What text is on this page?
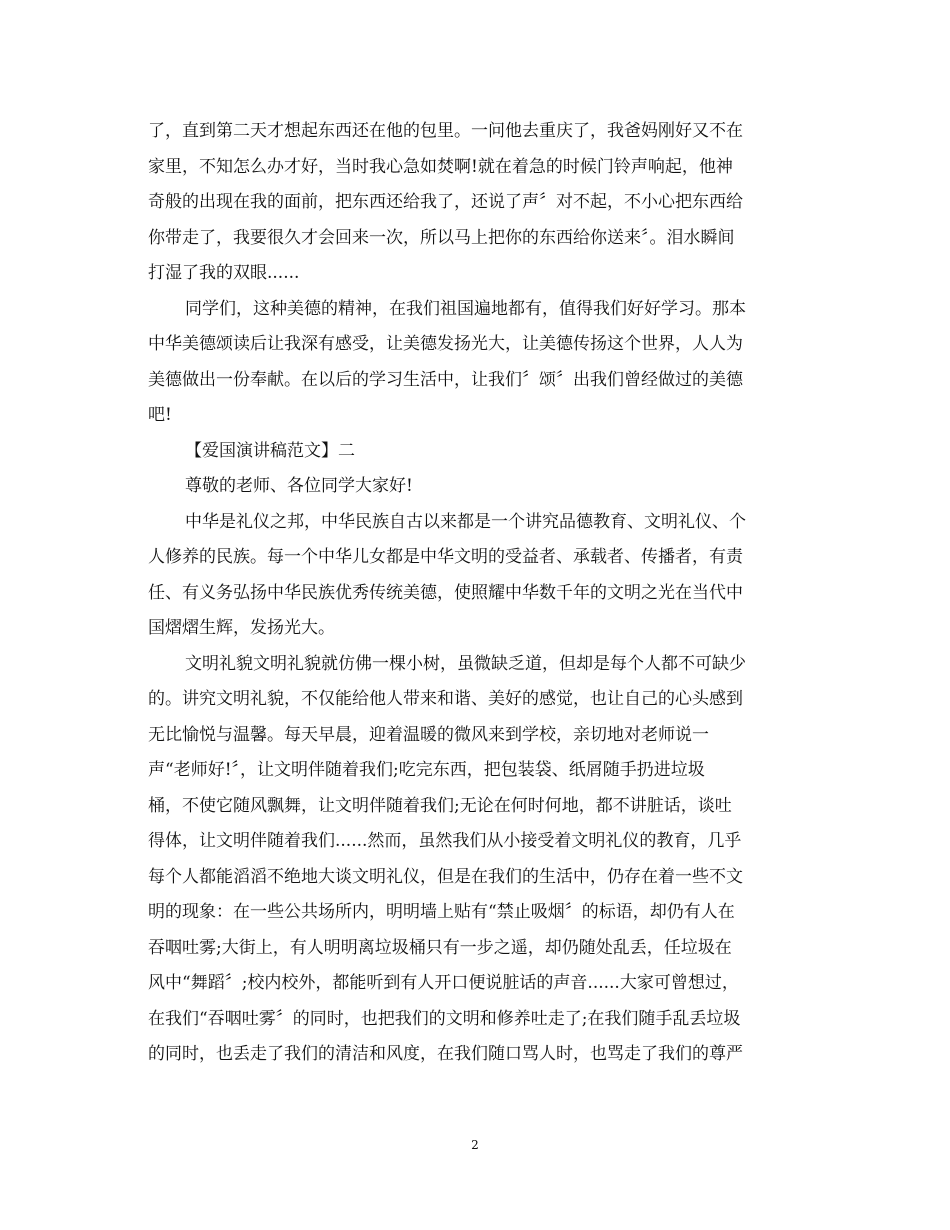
了，直到第二天才想起东西还在他的包里。一问他去重庆了，我爸妈刚好又不在
家里，不知怎么办才好，当时我心急如焚啊!就在着急的时候门铃声响起，他神
奇般的出现在我的面前，把东西还给我了，还说了声〞对不起，不小心把东西给
你带走了，我要很久才会回来一次，所以马上把你的东西给你送来〞。泪水瞬间
打湿了我的双眼......
同学们，这种美德的精神，在我们祖国遍地都有，值得我们好好学习。那本
中华美德颂读后让我深有感受，让美德发扬光大，让美德传扬这个世界，人人为
美德做出一份奉献。在以后的学习生活中，让我们〞颂〞出我们曾经做过的美德
吧!
【爱国演讲稿范文】二
尊敬的老师、各位同学大家好!
中华是礼仪之邦，中华民族自古以来都是一个讲究品德教育、文明礼仪、个
人修养的民族。每一个中华儿女都是中华文明的受益者、承载者、传播者，有责
任、有义务弘扬中华民族优秀传统美德，使照耀中华数千年的文明之光在当代中
国熠熠生辉，发扬光大。
文明礼貌文明礼貌就仿佛一棵小树，虽微缺乏道，但却是每个人都不可缺少
的。讲究文明礼貌，不仅能给他人带来和谐、美好的感觉，也让自己的心头感到
无比愉悦与温馨。每天早晨，迎着温暖的微风来到学校，亲切地对老师说一
声“老师好!〞，让文明伴随着我们;吃完东西，把包装袋、纸屑随手扔进垃圾
桶，不使它随风飘舞，让文明伴随着我们;无论在何时何地，都不讲脏话，谈吐
得体，让文明伴随着我们......然而，虽然我们从小接受着文明礼仪的教育，几乎
每个人都能滔滔不绝地大谈文明礼仪，但是在我们的生活中，仍存在着一些不文
明的现象：在一些公共场所内，明明墙上贴有“禁止吸烟〞的标语，却仍有人在
吞咽吐雾;大街上，有人明明离垃圾桶只有一步之遥，却仍随处乱丢，任垃圾在
风中“舞蹈〞;校内校外，都能听到有人开口便说脏话的声音......大家可曾想过，
在我们“吞咽吐雾〞的同时，也把我们的文明和修养吐走了;在我们随手乱丢垃圾
的同时，也丢走了我们的清洁和风度，在我们随口骂人时，也骂走了我们的尊严
2
